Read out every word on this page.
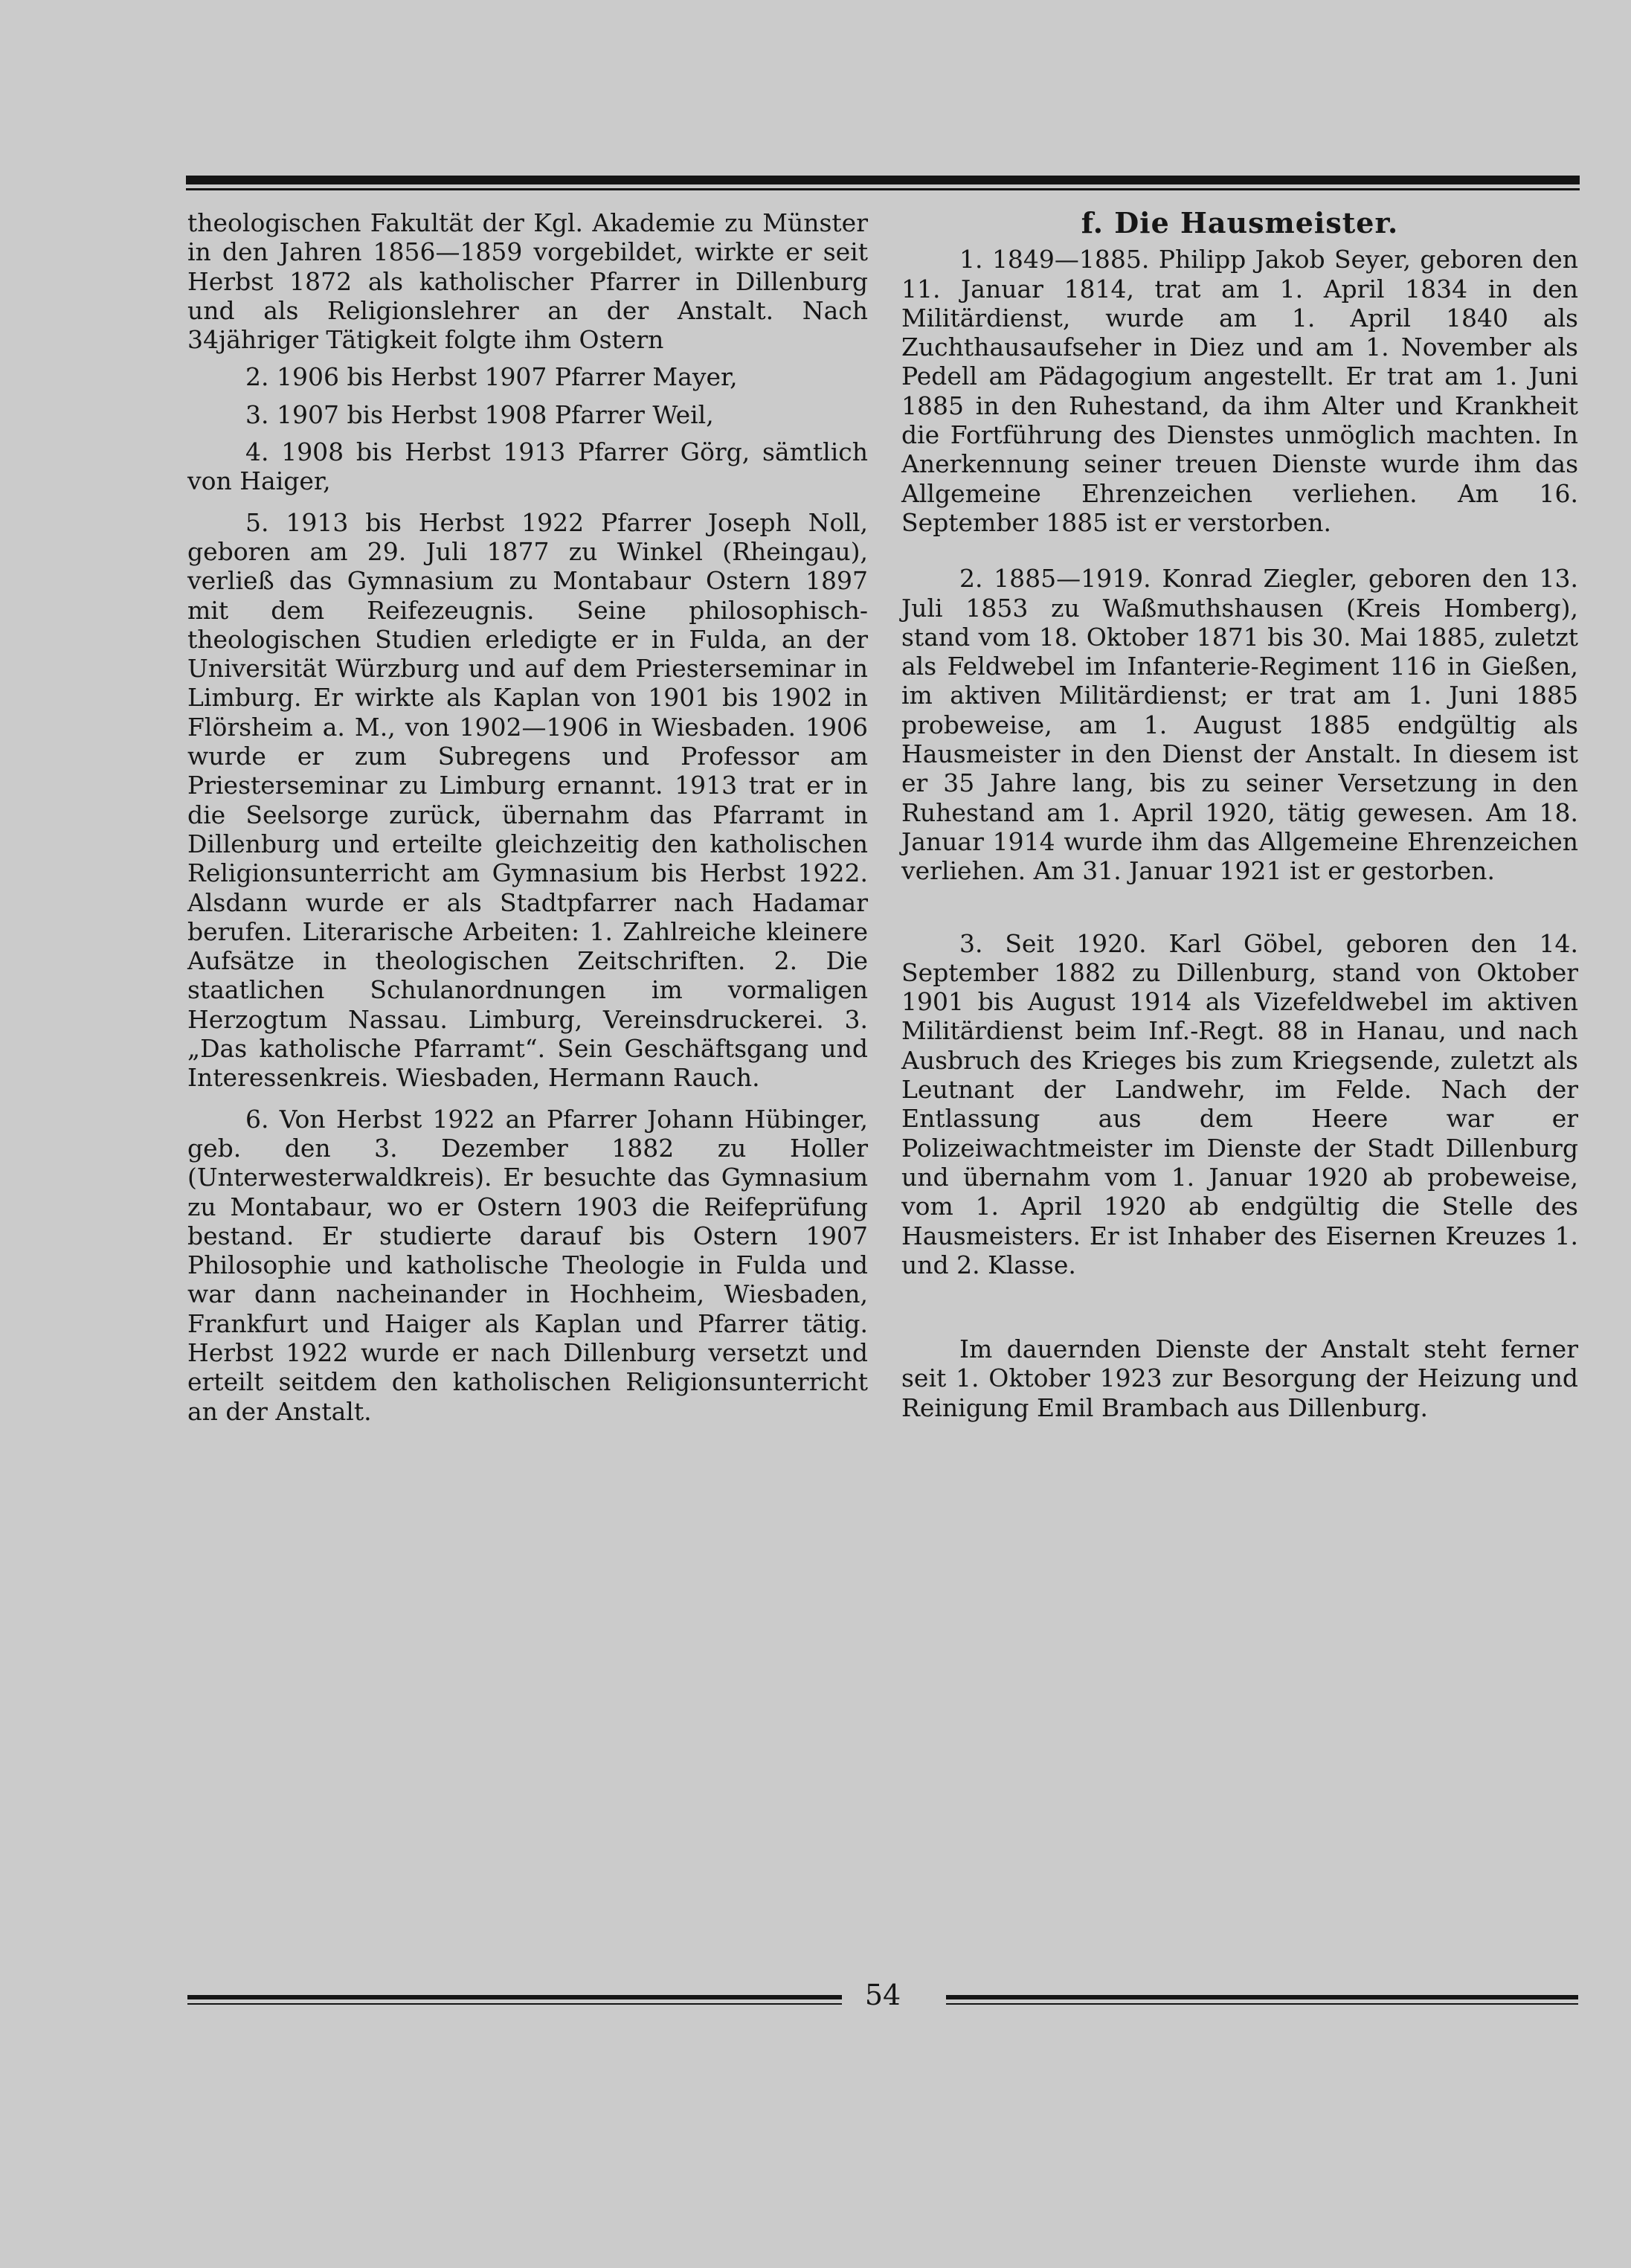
theologischen Fakultät der Kgl. Akademie zu Münster in den Jahren 1856—1859 vorgebildet, wirkte er seit Herbst 1872 als katholischer Pfarrer in Dillenburg und als Religionslehrer an der Anstalt. Nach 34jähriger Tätigkeit folgte ihm Ostern

2. 1906 bis Herbst 1907 Pfarrer Mayer,

3. 1907 bis Herbst 1908 Pfarrer Weil,

4. 1908 bis Herbst 1913 Pfarrer Görg, sämtlich von Haiger,

5. 1913 bis Herbst 1922 Pfarrer Joseph Noll, geboren am 29. Juli 1877 zu Winkel (Rheingau), verließ das Gymnasium zu Montabaur Ostern 1897 mit dem Reifezeugnis. Seine philosophisch-theologischen Studien erledigte er in Fulda, an der Universität Würzburg und auf dem Priesterseminar in Limburg. Er wirkte als Kaplan von 1901 bis 1902 in Flörsheim a. M., von 1902—1906 in Wiesbaden. 1906 wurde er zum Subregens und Professor am Priesterseminar zu Limburg ernannt. 1913 trat er in die Seelsorge zurück, übernahm das Pfarramt in Dillenburg und erteilte gleichzeitig den katholischen Religionsunterricht am Gymnasium bis Herbst 1922. Alsdann wurde er als Stadtpfarrer nach Hadamar berufen. Literarische Arbeiten: 1. Zahlreiche kleinere Aufsätze in theologischen Zeitschriften. 2. Die staatlichen Schulanordnungen im vormaligen Herzogtum Nassau. Limburg, Vereinsdruckerei. 3. „Das katholische Pfarramt“. Sein Geschäftsgang und Interessenkreis. Wiesbaden, Hermann Rauch.

6. Von Herbst 1922 an Pfarrer Johann Hübinger, geb. den 3. Dezember 1882 zu Holler (Unterwesterwaldkreis). Er besuchte das Gymnasium zu Montabaur, wo er Ostern 1903 die Reifeprüfung bestand. Er studierte darauf bis Ostern 1907 Philosophie und katholische Theologie in Fulda und war dann nacheinander in Hochheim, Wiesbaden, Frankfurt und Haiger als Kaplan und Pfarrer tätig. Herbst 1922 wurde er nach Dillenburg versetzt und erteilt seitdem den katholischen Religionsunterricht an der Anstalt.

f. Die Hausmeister.

1. 1849—1885. Philipp Jakob Seyer, geboren den 11. Januar 1814, trat am 1. April 1834 in den Militärdienst, wurde am 1. April 1840 als Zuchthausaufseher in Diez und am 1. November als Pedell am Pädagogium angestellt. Er trat am 1. Juni 1885 in den Ruhestand, da ihm Alter und Krankheit die Fortführung des Dienstes unmöglich machten. In Anerkennung seiner treuen Dienste wurde ihm das Allgemeine Ehrenzeichen verliehen. Am 16. September 1885 ist er verstorben.

2. 1885—1919. Konrad Ziegler, geboren den 13. Juli 1853 zu Waßmuthshausen (Kreis Homberg), stand vom 18. Oktober 1871 bis 30. Mai 1885, zuletzt als Feldwebel im Infanterie-Regiment 116 in Gießen, im aktiven Militärdienst; er trat am 1. Juni 1885 probeweise, am 1. August 1885 endgültig als Hausmeister in den Dienst der Anstalt. In diesem ist er 35 Jahre lang, bis zu seiner Versetzung in den Ruhestand am 1. April 1920, tätig gewesen. Am 18. Januar 1914 wurde ihm das Allgemeine Ehrenzeichen verliehen. Am 31. Januar 1921 ist er gestorben.

3. Seit 1920. Karl Göbel, geboren den 14. September 1882 zu Dillenburg, stand von Oktober 1901 bis August 1914 als Vizefeldwebel im aktiven Militärdienst beim Inf.-Regt. 88 in Hanau, und nach Ausbruch des Krieges bis zum Kriegsende, zuletzt als Leutnant der Landwehr, im Felde. Nach der Entlassung aus dem Heere war er Polizeiwachtmeister im Dienste der Stadt Dillenburg und übernahm vom 1. Januar 1920 ab probeweise, vom 1. April 1920 ab endgültig die Stelle des Hausmeisters. Er ist Inhaber des Eisernen Kreuzes 1. und 2. Klasse.

Im dauernden Dienste der Anstalt steht ferner seit 1. Oktober 1923 zur Besorgung der Heizung und Reinigung Emil Brambach aus Dillenburg.

54
